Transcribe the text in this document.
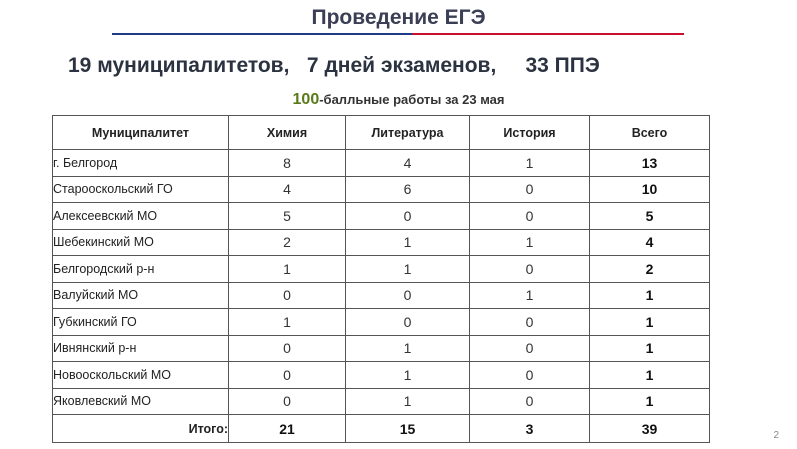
Проведение ЕГЭ
19 муниципалитетов,   7 дней экзаменов,     33 ППЭ
100-балльные работы за 23 мая
Муниципалитет	Химия	Литература	История	Всего
г. Белгород	8	4	1	13
Старооскольский ГО	4	6	0	10
Алексеевский МО	5	0	0	5
Шебекинский МО	2	1	1	4
Белгородский р-н	1	1	0	2
Валуйский МО	0	0	1	1
Губкинский ГО	1	0	0	1
Ивнянский р-н	0	1	0	1
Новооскольский МО	0	1	0	1
Яковлевский МО	0	1	0	1
Итого:	21	15	3	39	2
